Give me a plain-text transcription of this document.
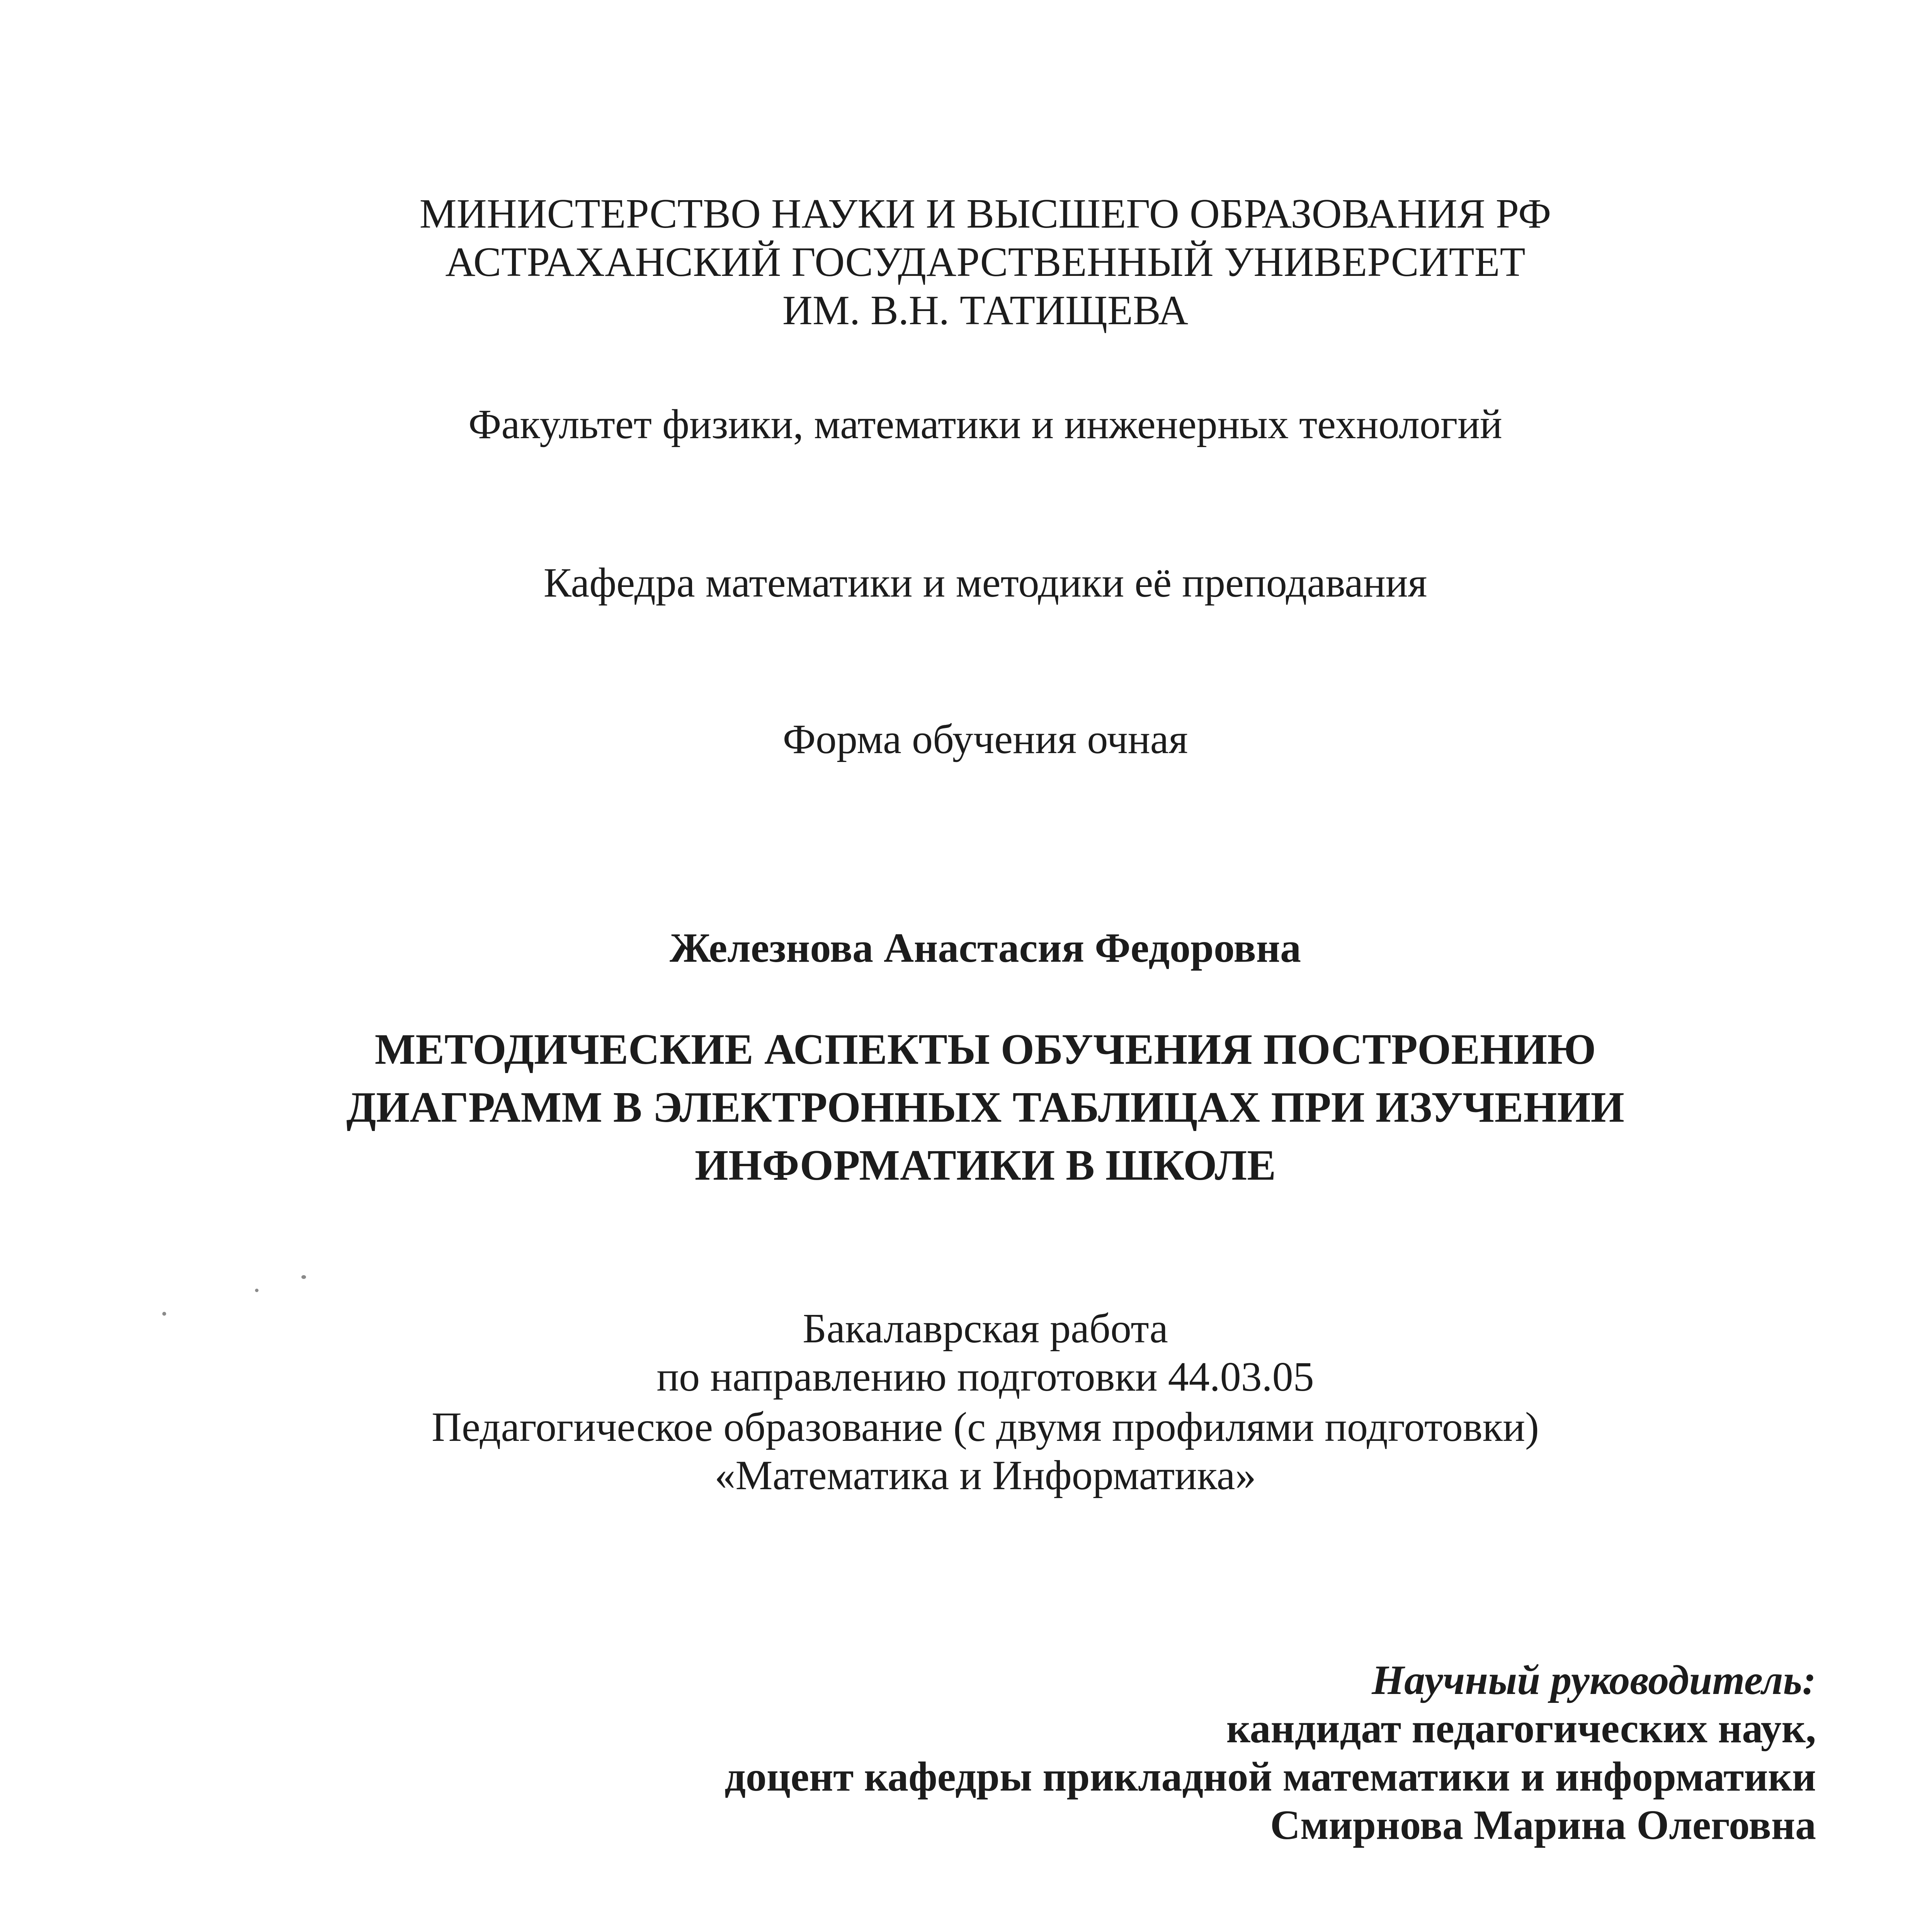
МИНИСТЕРСТВО НАУКИ И ВЫСШЕГО ОБРАЗОВАНИЯ РФ
АСТРАХАНСКИЙ ГОСУДАРСТВЕННЫЙ УНИВЕРСИТЕТ
ИМ. В.Н. ТАТИЩЕВА
Факультет физики, математики и инженерных технологий
Кафедра математики и методики её преподавания
Форма обучения очная
Железнова Анастасия Федоровна
МЕТОДИЧЕСКИЕ АСПЕКТЫ ОБУЧЕНИЯ ПОСТРОЕНИЮ
ДИАГРАММ В ЭЛЕКТРОННЫХ ТАБЛИЦАХ ПРИ ИЗУЧЕНИИ
ИНФОРМАТИКИ В ШКОЛЕ
Бакалаврская работа
по направлению подготовки 44.03.05
Педагогическое образование (с двумя профилями подготовки)
«Математика и Информатика»
Научный руководитель:
кандидат педагогических наук,
доцент кафедры прикладной математики и информатики
Смирнова Марина Олеговна
